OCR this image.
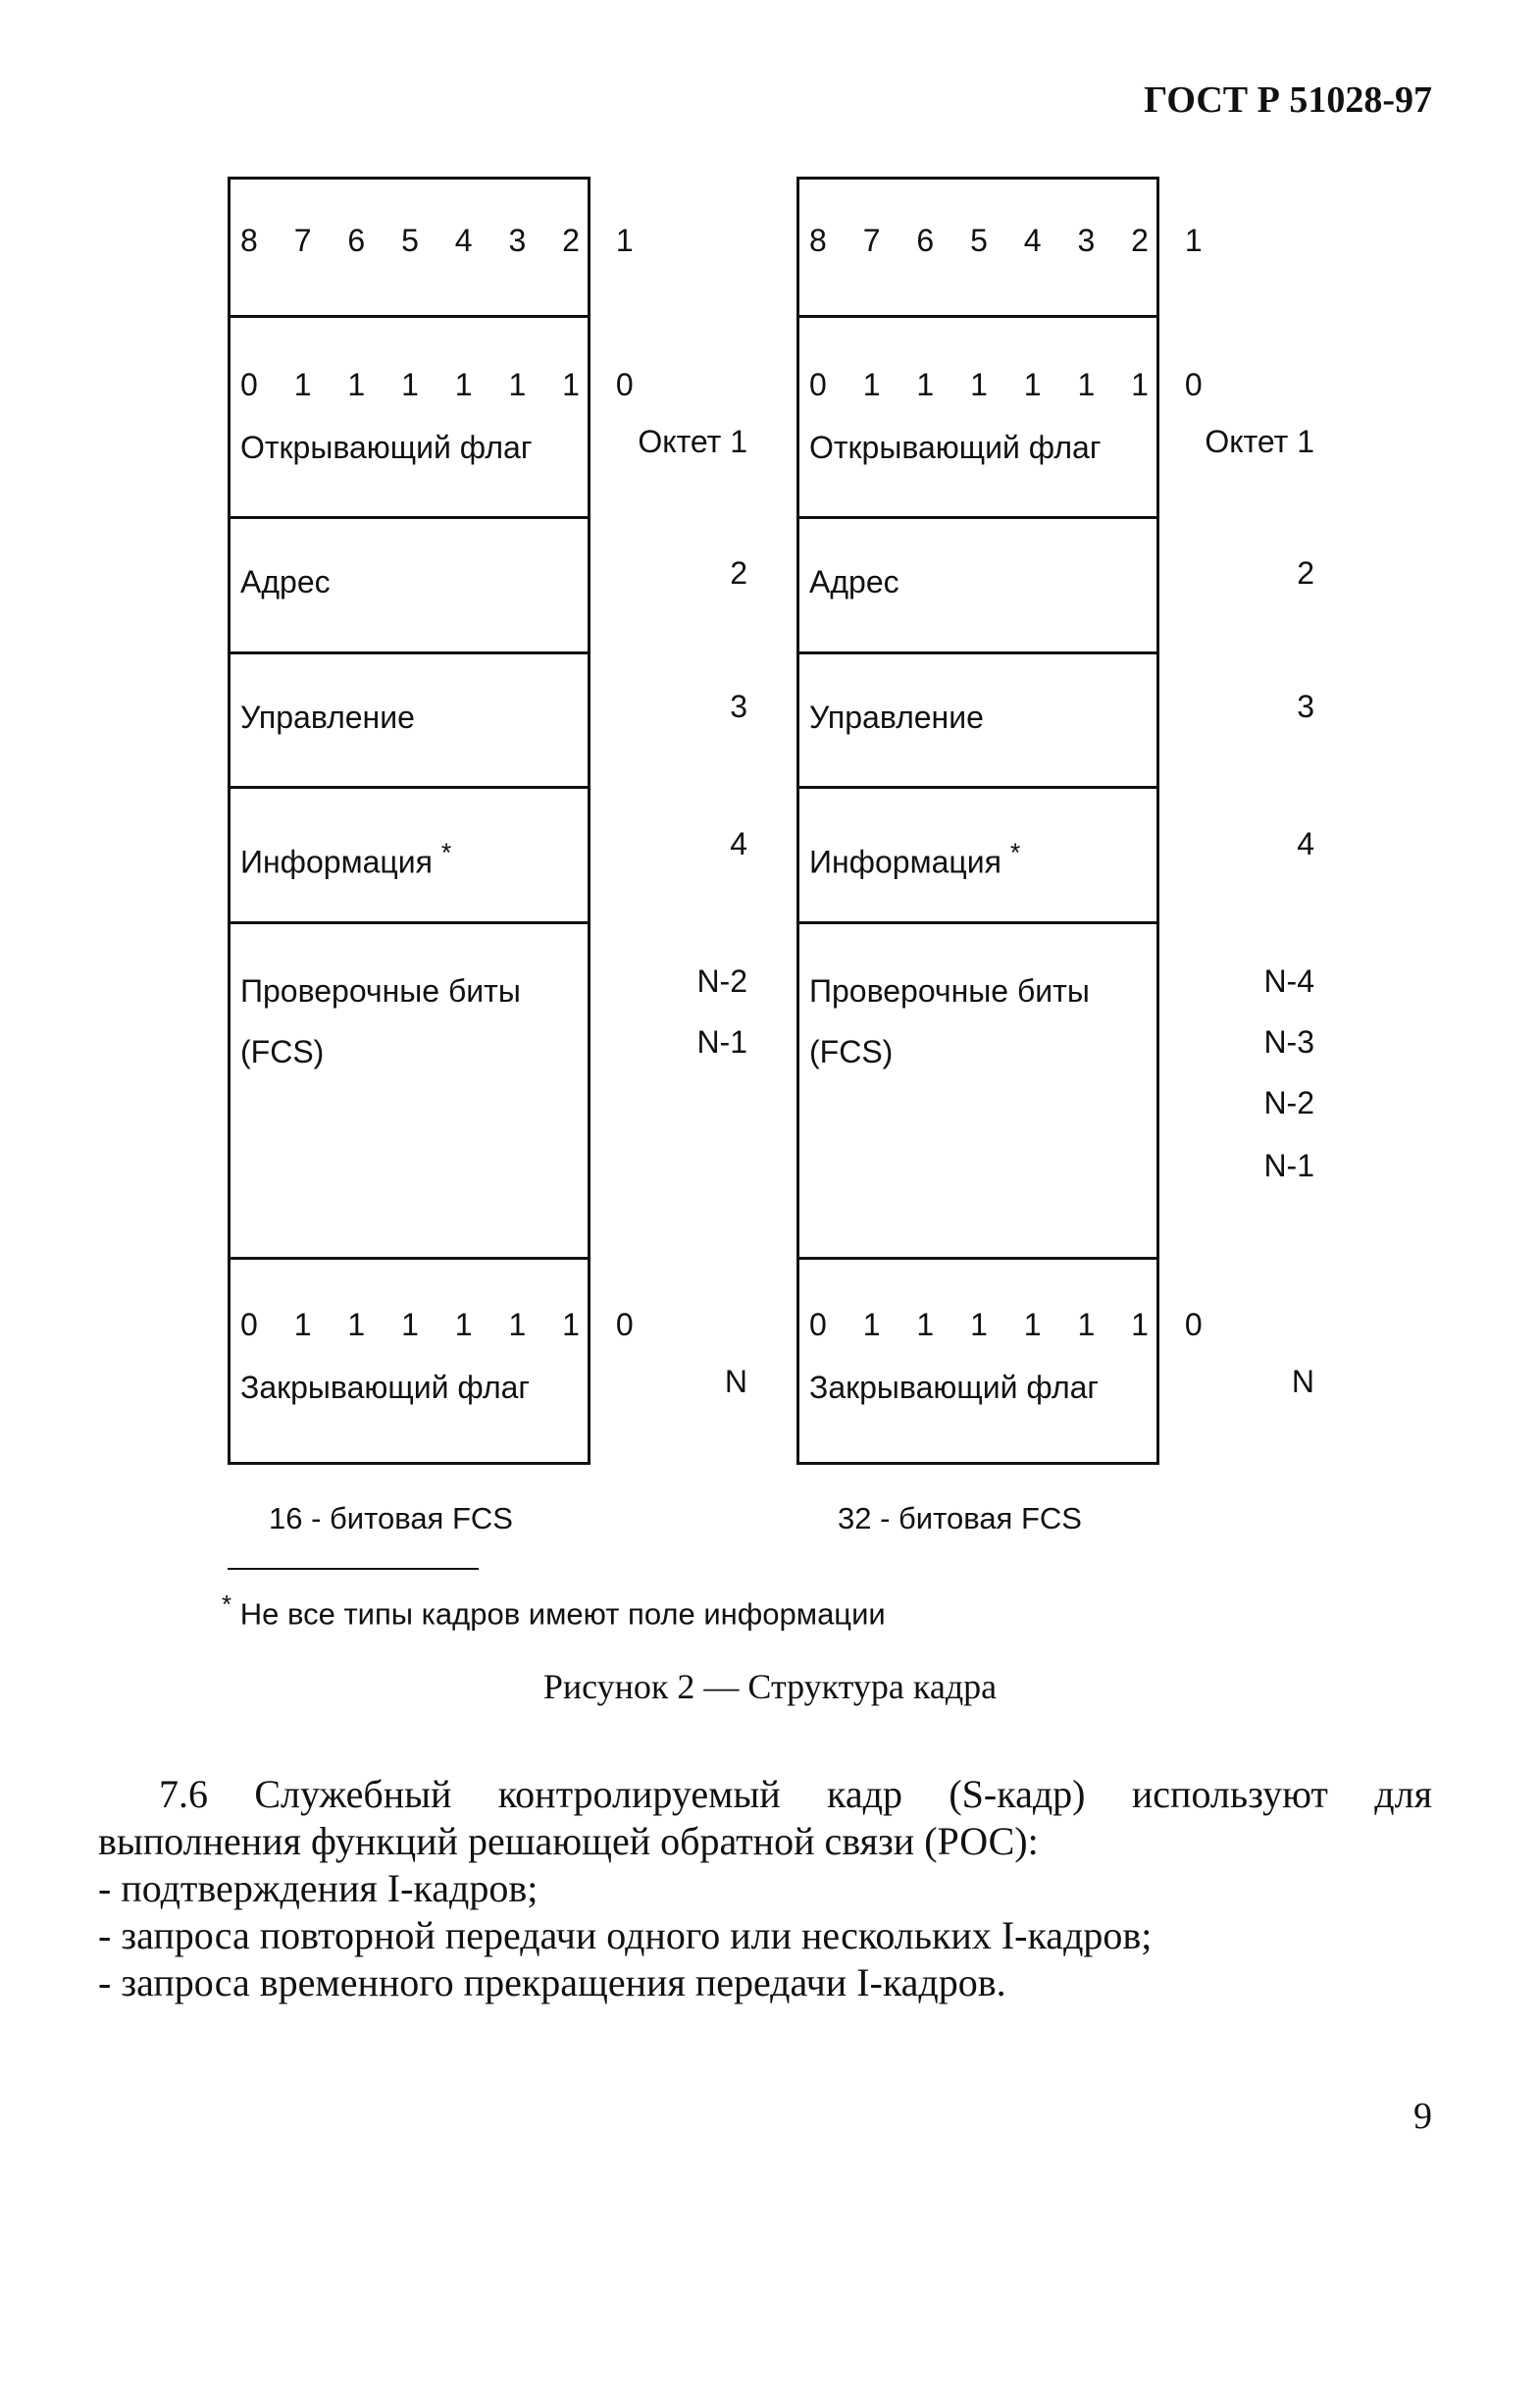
ГОСТ Р 51028-97
8 7 6 5 4 3 2 1
0 1 1 1 1 1 1 0
Открывающий флаг
Адрес
Управление
Информация *
Проверочные биты
(FCS)
0 1 1 1 1 1 1 0
Закрывающий флаг
Октет 1
2
3
4
N-2
N-1
N
8 7 6 5 4 3 2 1
0 1 1 1 1 1 1 0
Открывающий флаг
Адрес
Управление
Информация *
Проверочные биты
(FCS)
0 1 1 1 1 1 1 0
Закрывающий флаг
Октет 1
2
3
4
N-4
N-3
N-2
N-1
N
16 - битовая FCS	32 - битовая FCS
* Не все типы кадров имеют поле информации
Рисунок 2 — Структура кадра
7.6 Служебный контролируемый кадр (S-кадр) используют для
выполнения функций решающей обратной связи (РОС):
- подтверждения I-кадров;
- запроса повторной передачи одного или нескольких I-кадров;
- запроса временного прекращения передачи I-кадров.
9
